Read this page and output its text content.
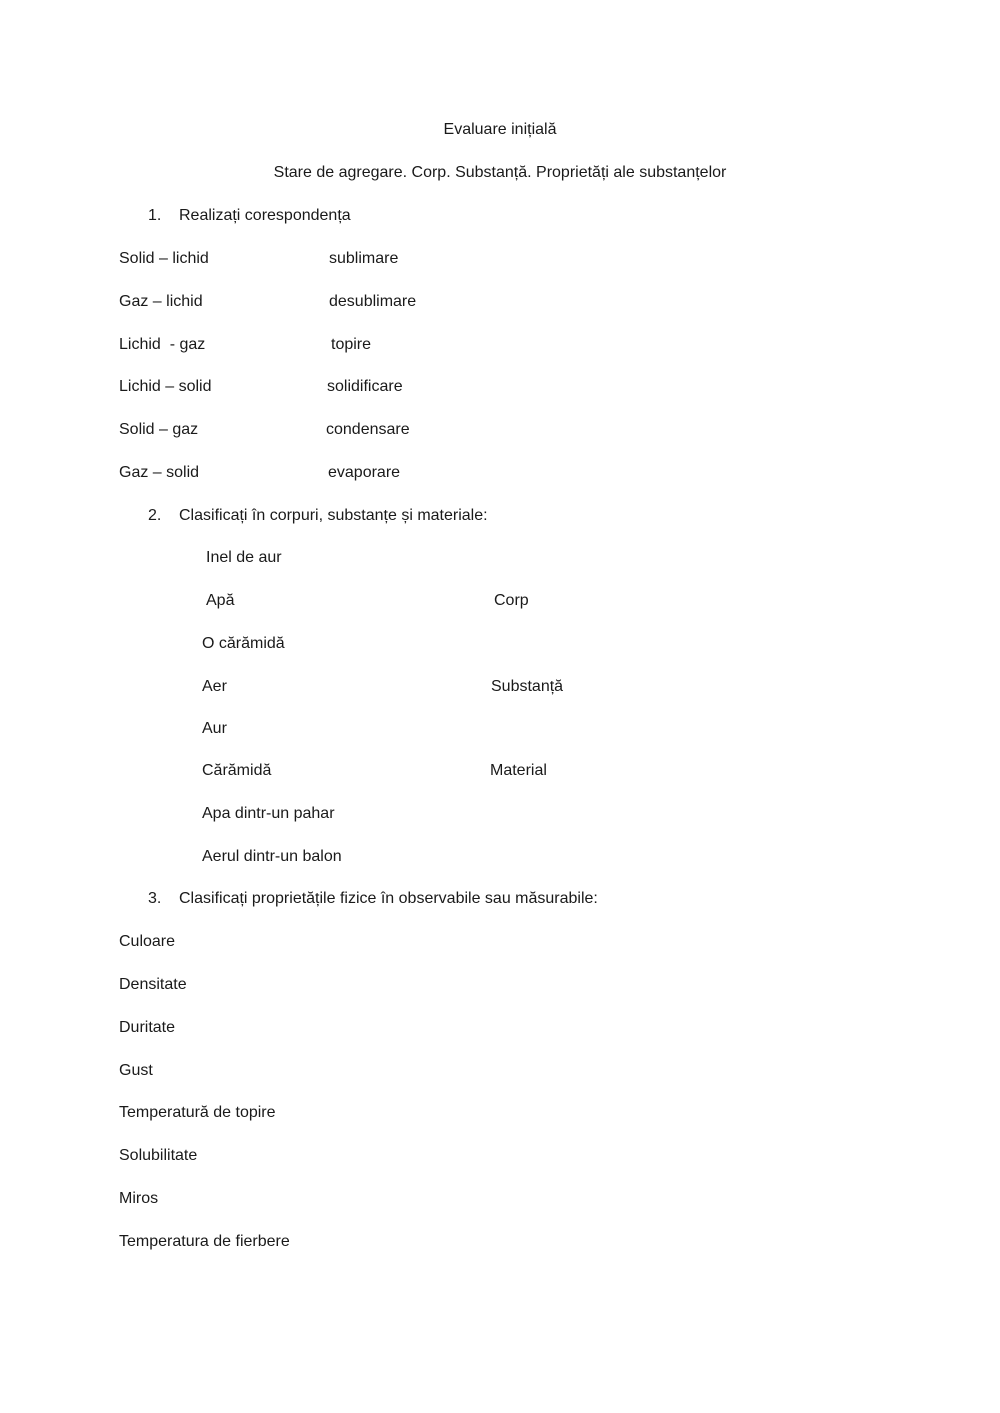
Evaluare inițială
Stare de agregare. Corp. Substanță. Proprietăți ale substanțelor
1. Realizați corespondența
Solid – lichid	sublimare
Gaz – lichid	desublimare
Lichid  - gaz	topire
Lichid – solid	solidificare
Solid – gaz	condensare
Gaz – solid	evaporare
2. Clasificați în corpuri, substanțe și materiale:
Inel de aur
Apă	Corp
O cărămidă
Aer	Substanță
Aur
Cărămidă	Material
Apa dintr-un pahar
Aerul dintr-un balon
3. Clasificați proprietățile fizice în observabile sau măsurabile:
Culoare
Densitate
Duritate
Gust
Temperatură de topire
Solubilitate
Miros
Temperatura de fierbere
